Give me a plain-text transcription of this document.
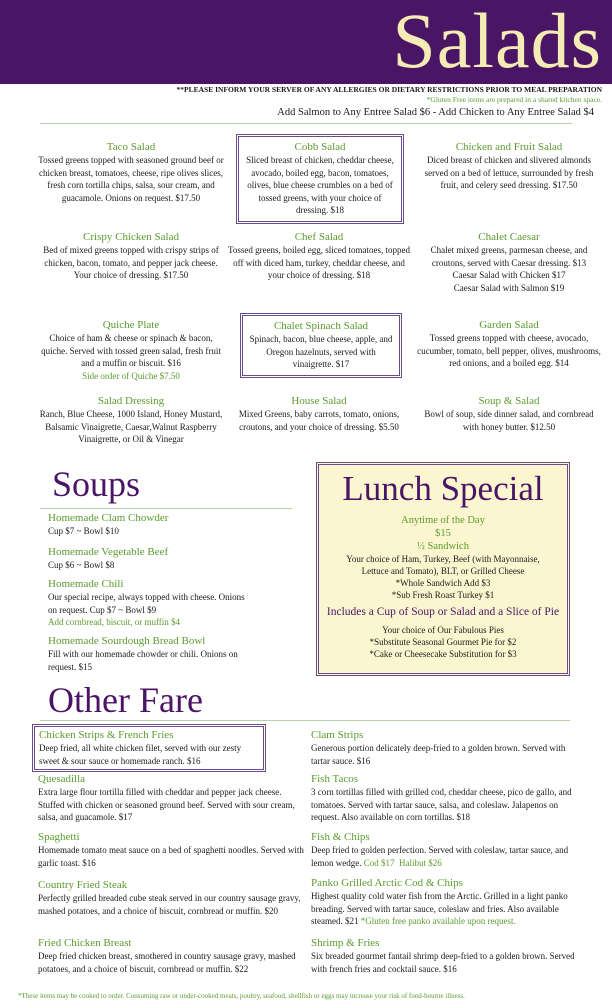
Salads
**PLEASE INFORM YOUR SERVER OF ANY ALLERGIES OR DIETARY RESTRICTIONS PRIOR TO MEAL PREPARATION
*Gluten Free items are prepared in a shared kitchen space.
Add Salmon to Any Entree Salad $6 - Add Chicken to Any Entree Salad $4
Taco Salad
Tossed greens topped with seasoned ground beef or chicken breast, tomatoes, cheese, ripe olives slices, fresh corn tortilla chips, salsa, sour cream, and guacamole. Onions on request. $17.50
Cobb Salad
Sliced breast of chicken, cheddar cheese, avocado, boiled egg, bacon, tomatoes, olives, blue cheese crumbles on a bed of tossed greens, with your choice of dressing. $18
Chicken and Fruit Salad
Diced breast of chicken and slivered almonds served on a bed of lettuce, surrounded by fresh fruit, and celery seed dressing. $17.50
Crispy Chicken Salad
Bed of mixed greens topped with crispy strips of chicken, bacon, tomato, and pepper jack cheese. Your choice of dressing. $17.50
Chef Salad
Tossed greens, boiled egg, sliced tomatoes, topped off with diced ham, turkey, cheddar cheese, and your choice of dressing. $18
Chalet Caesar
Chalet mixed greens, parmesan cheese, and croutons, served with Caesar dressing. $13
Caesar Salad with Chicken $17
Caesar Salad with Salmon $19
Quiche Plate
Choice of ham & cheese or spinach & bacon, quiche. Served with tossed green salad, fresh fruit and a muffin or biscuit. $16
Side order of Quiche $7.50
Chalet Spinach Salad
Spinach, bacon, blue cheese, apple, and Oregon hazelnuts, served with vinaigrette. $17
Garden Salad
Tossed greens topped with cheese, avocado, cucumber, tomato, bell pepper, olives, mushrooms, red onions, and a boiled egg. $14
Salad Dressing
Ranch, Blue Cheese, 1000 Island, Honey Mustard, Balsamic Vinaigrette, Caesar,Walnut Raspberry Vinaigrette, or Oil & Vinegar
House Salad
Mixed Greens, baby carrots, tomato, onions, croutons, and your choice of dressing. $5.50
Soup & Salad
Bowl of soup, side dinner salad, and cornbread with honey butter. $12.50
Soups
Homemade Clam Chowder
Cup $7 ~ Bowl $10
Homemade Vegetable Beef
Cup $6 ~ Bowl $8
Homemade Chili
Our special recipe, always topped with cheese. Onions on request. Cup $7 ~ Bowl $9
Add cornbread, biscuit, or muffin $4
Homemade Sourdough Bread Bowl
Fill with our homemade chowder or chili. Onions on request. $15
Lunch Special
Anytime of the Day
$15
½ Sandwich
Your choice of Ham, Turkey, Beef (with Mayonnaise, Lettuce and Tomato), BLT, or Grilled Cheese
*Whole Sandwich Add $3
*Sub Fresh Roast Turkey $1
Includes a Cup of Soup or Salad and a Slice of Pie
Your choice of Our Fabulous Pies
*Substitute Seasonal Gourmet Pie for $2
*Cake or Cheesecake Substitution for $3
Other Fare
Chicken Strips & French Fries
Deep fried, all white chicken filet, served with our zesty sweet & sour sauce or homemade ranch. $16
Quesadilla
Extra large flour tortilla filled with cheddar and pepper jack cheese. Stuffed with chicken or seasoned ground beef. Served with sour cream, salsa, and guacamole. $17
Spaghetti
Homemade tomato meat sauce on a bed of spaghetti noodles. Served with garlic toast. $16
Country Fried Steak
Perfectly grilled breaded cube steak served in our country sausage gravy, mashed potatoes, and a choice of biscuit, cornbread or muffin. $20
Fried Chicken Breast
Deep fried chicken breast, smothered in country sausage gravy, mashed potatoes, and a choice of biscuit, cornbread or muffin. $22
Clam Strips
Generous portion delicately deep-fried to a golden brown. Served with tartar sauce. $16
Fish Tacos
3 corn tortillas filled with grilled cod, cheddar cheese, pico de gallo, and tomatoes. Served with tartar sauce, salsa, and coleslaw. Jalapenos on request. Also available on corn tortillas. $18
Fish & Chips
Deep fried to golden perfection. Served with coleslaw, tartar sauce, and lemon wedge. Cod $17 Halibut $26
Panko Grilled Arctic Cod & Chips
Highest quality cold water fish from the Arctic. Grilled in a light panko breading. Served with tartar sauce, coleslaw and fries. Also available steamed. $21 *Gluten free panko available upon request.
Shrimp & Fries
Six breaded gourmet fantail shrimp deep-fried to a golden brown. Served with french fries and cocktail sauce. $16
*These items may be cooked to order. Consuming raw or under-cooked meats, poultry, seafood, shellfish or eggs may increase your risk of food-bourne illness.
